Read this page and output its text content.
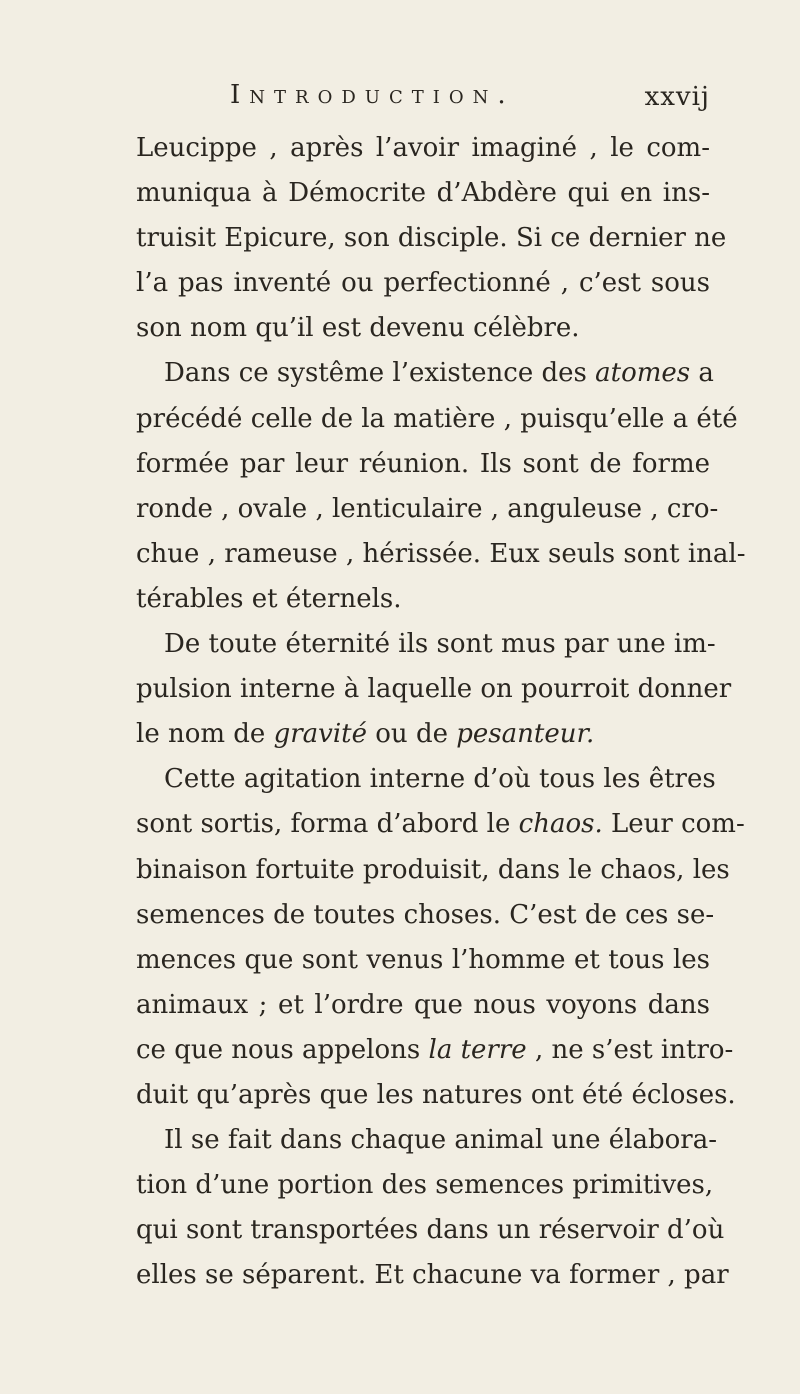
Introduction.	xxvij
Leucippe , après l’avoir imaginé , le com-
muniqua à Démocrite d’Abdère qui en ins-
truisit Epicure, son disciple. Si ce dernier ne
l’a pas inventé ou perfectionné , c’est sous
son nom qu’il est devenu célèbre.
Dans ce systême l’existence des atomes a
précédé celle de la matière , puisqu’elle a été
formée par leur réunion. Ils sont de forme
ronde , ovale , lenticulaire , anguleuse , cro-
chue , rameuse , hérissée. Eux seuls sont inal-
térables et éternels.
De toute éternité ils sont mus par une im-
pulsion interne à laquelle on pourroit donner
le nom de gravité ou de pesanteur.
Cette agitation interne d’où tous les êtres
sont sortis, forma d’abord le chaos. Leur com-
binaison fortuite produisit, dans le chaos, les
semences de toutes choses. C’est de ces se-
mences que sont venus l’homme et tous les
animaux ; et l’ordre que nous voyons dans
ce que nous appelons la terre , ne s’est intro-
duit qu’après que les natures ont été écloses.
Il se fait dans chaque animal une élabora-
tion d’une portion des semences primitives,
qui sont transportées dans un réservoir d’où
elles se séparent. Et chacune va former , par
